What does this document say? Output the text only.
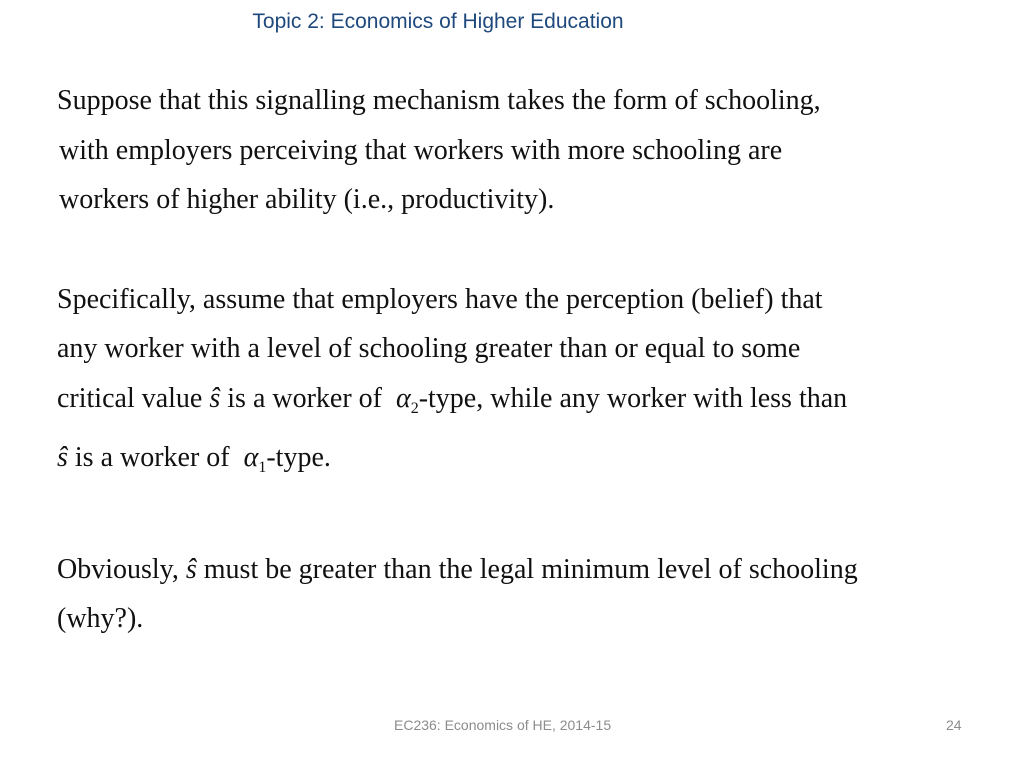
Topic 2: Economics of Higher Education
Suppose that this signalling mechanism takes the form of schooling,
with employers perceiving that workers with more schooling are
workers of higher ability (i.e., productivity).
Specifically, assume that employers have the perception (belief) that
any worker with a level of schooling greater than or equal to some
critical value ŝ is a worker of  $\alpha_2$-type, while any worker with less than
ŝ is a worker of  $\alpha_1$-type.
Obviously, ŝ must be greater than the legal minimum level of schooling
(why?).
EC236: Economics of HE, 2014-15	24
